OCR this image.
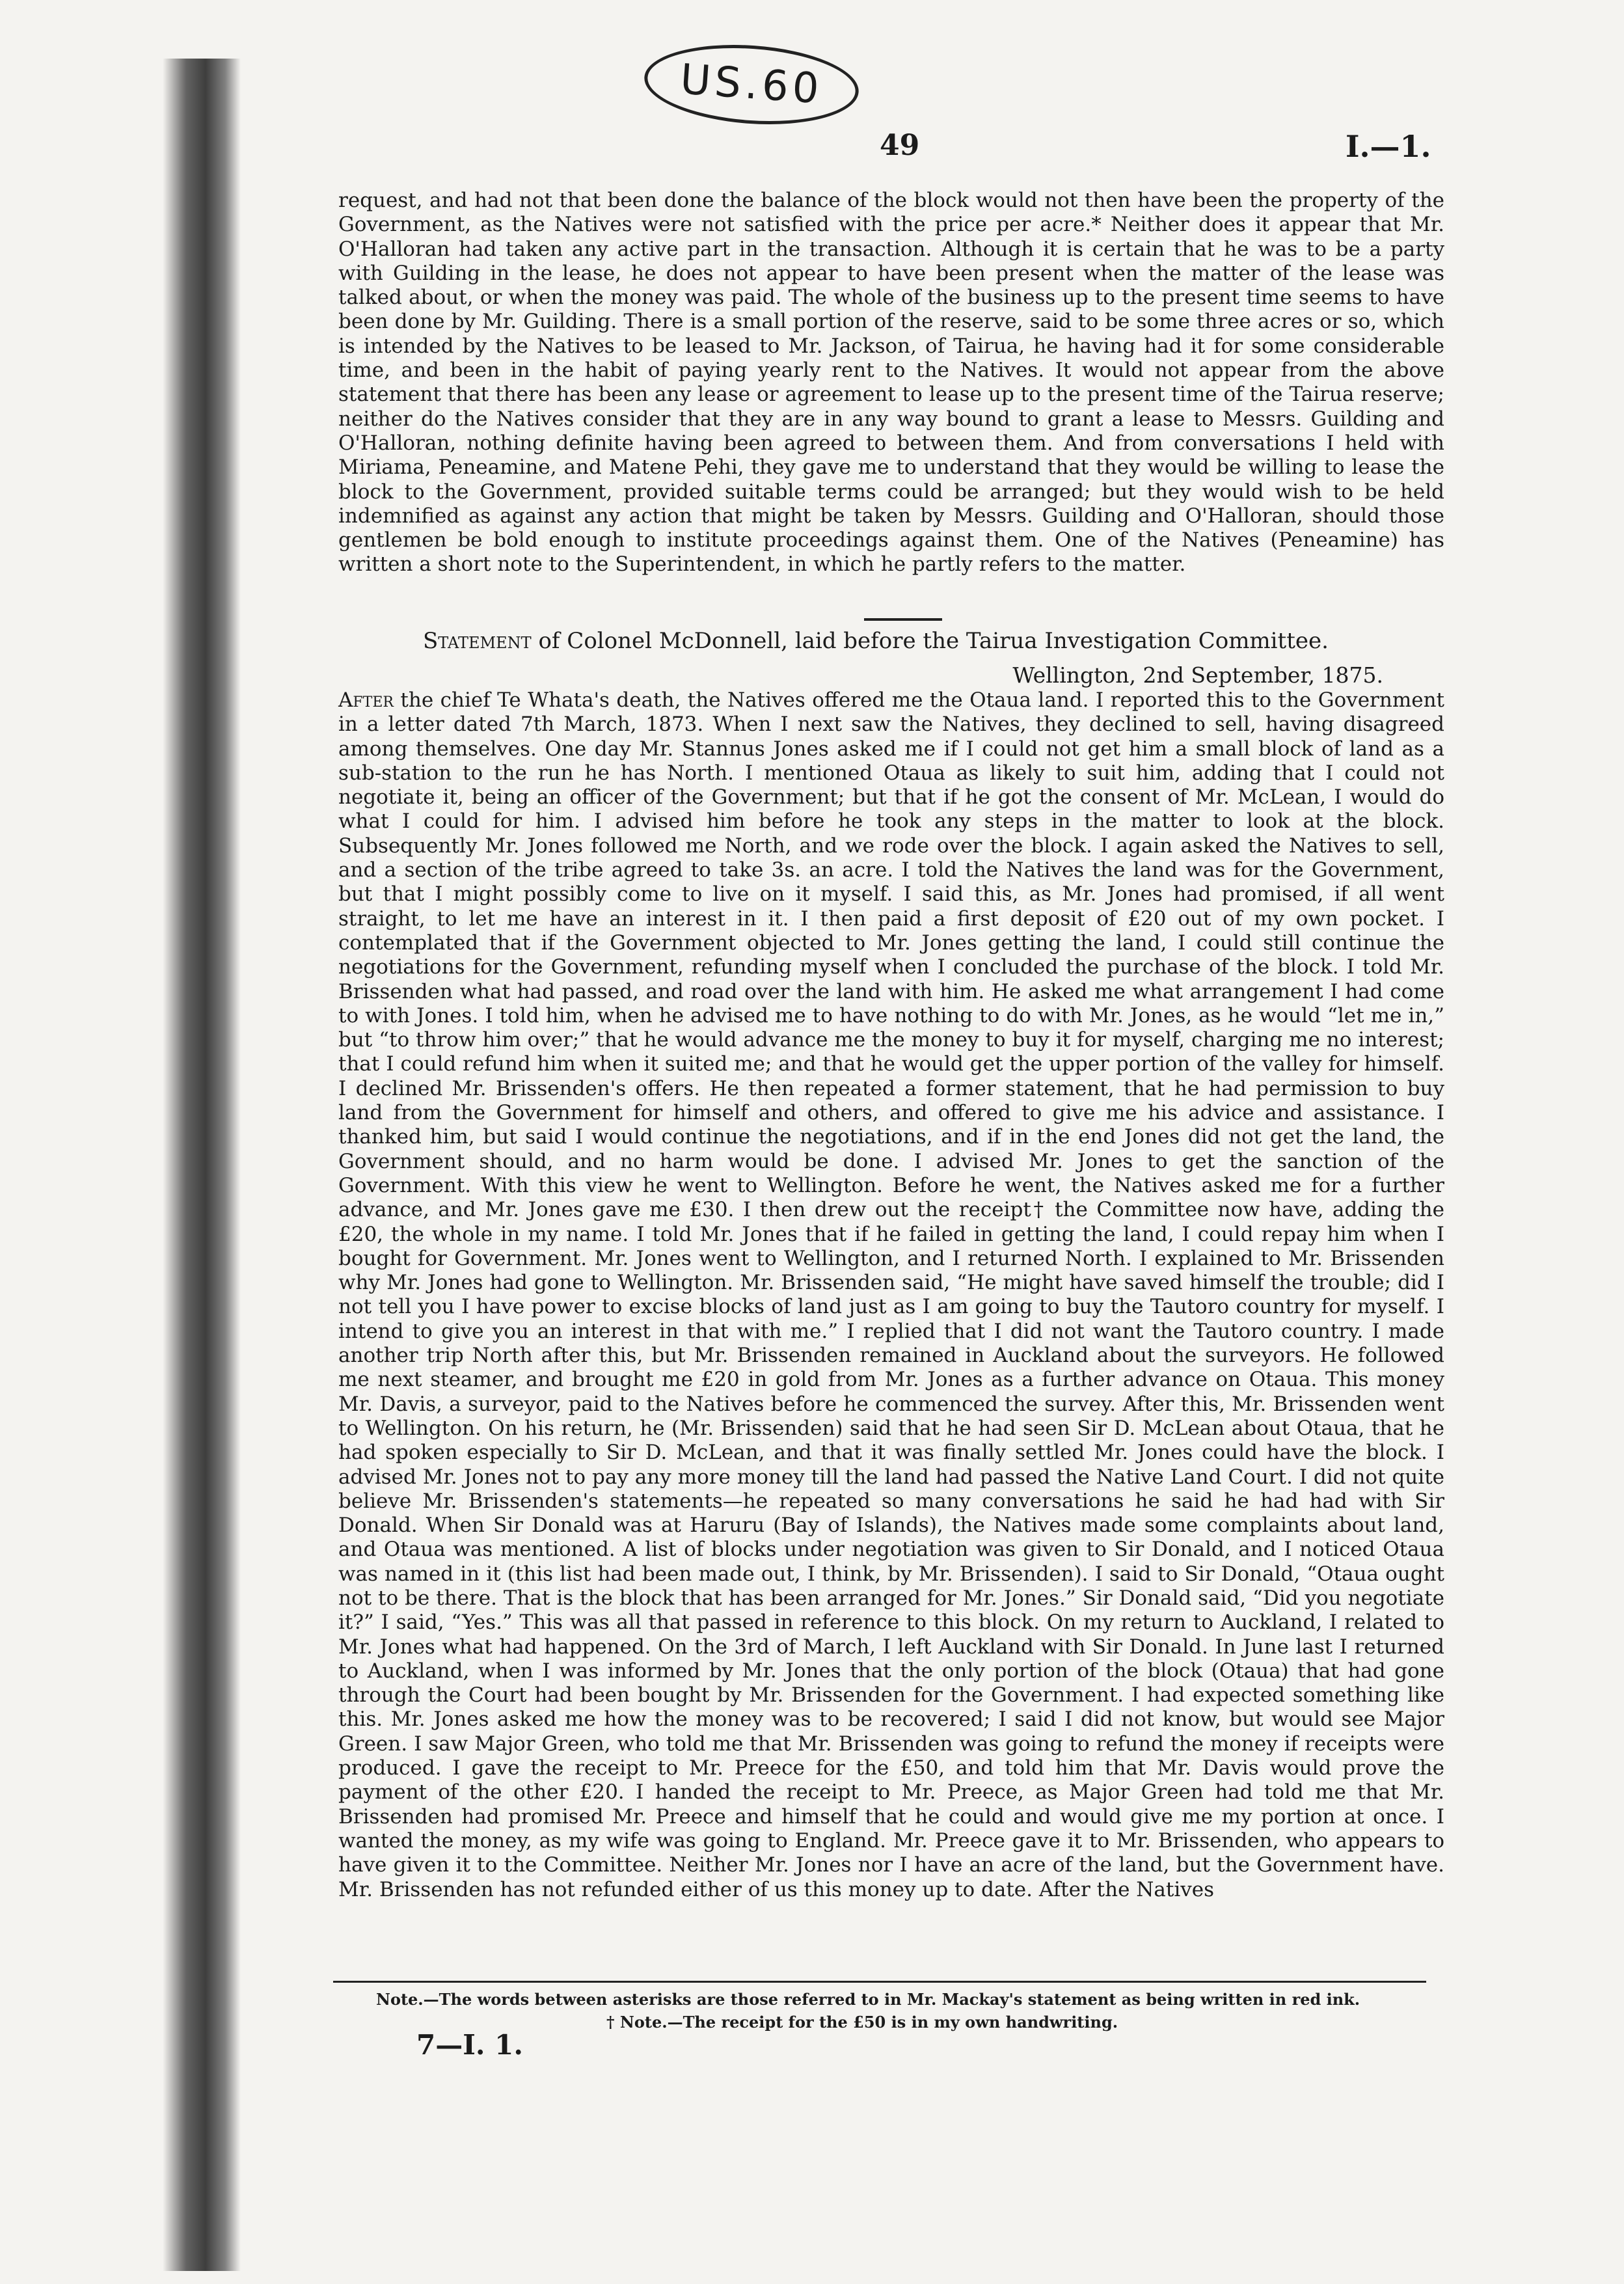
US.60
49	I.—1.

request, and had not that been done the balance of the block would not then have been the property of the Government, as the Natives were not satisfied with the price per acre.* Neither does it appear that Mr. O'Halloran had taken any active part in the transaction. Although it is certain that he was to be a party with Guilding in the lease, he does not appear to have been present when the matter of the lease was talked about, or when the money was paid. The whole of the business up to the present time seems to have been done by Mr. Guilding. There is a small portion of the reserve, said to be some three acres or so, which is intended by the Natives to be leased to Mr. Jackson, of Tairua, he having had it for some considerable time, and been in the habit of paying yearly rent to the Natives. It would not appear from the above statement that there has been any lease or agreement to lease up to the present time of the Tairua reserve; neither do the Natives consider that they are in any way bound to grant a lease to Messrs. Guilding and O'Halloran, nothing definite having been agreed to between them. And from conversations I held with Miriama, Peneamine, and Matene Pehi, they gave me to understand that they would be willing to lease the block to the Government, provided suitable terms could be arranged; but they would wish to be held indemnified as against any action that might be taken by Messrs. Guilding and O'Halloran, should those gentlemen be bold enough to institute proceedings against them. One of the Natives (Peneamine) has written a short note to the Superintendent, in which he partly refers to the matter.

Statement of Colonel McDonnell, laid before the Tairua Investigation Committee.
Wellington, 2nd September, 1875.

After the chief Te Whata's death, the Natives offered me the Otaua land. I reported this to the Government in a letter dated 7th March, 1873. When I next saw the Natives, they declined to sell, having disagreed among themselves. One day Mr. Stannus Jones asked me if I could not get him a small block of land as a sub-station to the run he has North. I mentioned Otaua as likely to suit him, adding that I could not negotiate it, being an officer of the Government; but that if he got the consent of Mr. McLean, I would do what I could for him. I advised him before he took any steps in the matter to look at the block. Subsequently Mr. Jones followed me North, and we rode over the block. I again asked the Natives to sell, and a section of the tribe agreed to take 3s. an acre. I told the Natives the land was for the Government, but that I might possibly come to live on it myself. I said this, as Mr. Jones had promised, if all went straight, to let me have an interest in it. I then paid a first deposit of £20 out of my own pocket. I contemplated that if the Government objected to Mr. Jones getting the land, I could still continue the negotiations for the Government, refunding myself when I concluded the purchase of the block. I told Mr. Brissenden what had passed, and road over the land with him. He asked me what arrangement I had come to with Jones. I told him, when he advised me to have nothing to do with Mr. Jones, as he would “let me in,” but “to throw him over;” that he would advance me the money to buy it for myself, charging me no interest; that I could refund him when it suited me; and that he would get the upper portion of the valley for himself. I declined Mr. Brissenden's offers. He then repeated a former statement, that he had permission to buy land from the Government for himself and others, and offered to give me his advice and assistance. I thanked him, but said I would continue the negotiations, and if in the end Jones did not get the land, the Government should, and no harm would be done. I advised Mr. Jones to get the sanction of the Government. With this view he went to Wellington. Before he went, the Natives asked me for a further advance, and Mr. Jones gave me £30. I then drew out the receipt† the Committee now have, adding the £20, the whole in my name. I told Mr. Jones that if he failed in getting the land, I could repay him when I bought for Government. Mr. Jones went to Wellington, and I returned North. I explained to Mr. Brissenden why Mr. Jones had gone to Wellington. Mr. Brissenden said, “He might have saved himself the trouble; did I not tell you I have power to excise blocks of land just as I am going to buy the Tautoro country for myself. I intend to give you an interest in that with me.” I replied that I did not want the Tautoro country. I made another trip North after this, but Mr. Brissenden remained in Auckland about the surveyors. He followed me next steamer, and brought me £20 in gold from Mr. Jones as a further advance on Otaua. This money Mr. Davis, a surveyor, paid to the Natives before he commenced the survey. After this, Mr. Brissenden went to Wellington. On his return, he (Mr. Brissenden) said that he had seen Sir D. McLean about Otaua, that he had spoken especially to Sir D. McLean, and that it was finally settled Mr. Jones could have the block. I advised Mr. Jones not to pay any more money till the land had passed the Native Land Court. I did not quite believe Mr. Brissenden's statements—he repeated so many conversations he said he had had with Sir Donald. When Sir Donald was at Haruru (Bay of Islands), the Natives made some complaints about land, and Otaua was mentioned. A list of blocks under negotiation was given to Sir Donald, and I noticed Otaua was named in it (this list had been made out, I think, by Mr. Brissenden). I said to Sir Donald, “Otaua ought not to be there. That is the block that has been arranged for Mr. Jones.” Sir Donald said, “Did you negotiate it?” I said, “Yes.” This was all that passed in reference to this block. On my return to Auckland, I related to Mr. Jones what had happened. On the 3rd of March, I left Auckland with Sir Donald. In June last I returned to Auckland, when I was informed by Mr. Jones that the only portion of the block (Otaua) that had gone through the Court had been bought by Mr. Brissenden for the Government. I had expected something like this. Mr. Jones asked me how the money was to be recovered; I said I did not know, but would see Major Green. I saw Major Green, who told me that Mr. Brissenden was going to refund the money if receipts were produced. I gave the receipt to Mr. Preece for the £50, and told him that Mr. Davis would prove the payment of the other £20. I handed the receipt to Mr. Preece, as Major Green had told me that Mr. Brissenden had promised Mr. Preece and himself that he could and would give me my portion at once. I wanted the money, as my wife was going to England. Mr. Preece gave it to Mr. Brissenden, who appears to have given it to the Committee. Neither Mr. Jones nor I have an acre of the land, but the Government have. Mr. Brissenden has not refunded either of us this money up to date. After the Natives

Note.—The words between asterisks are those referred to in Mr. Mackay's statement as being written in red ink.
† Note.—The receipt for the £50 is in my own handwriting.
7—I. 1.
